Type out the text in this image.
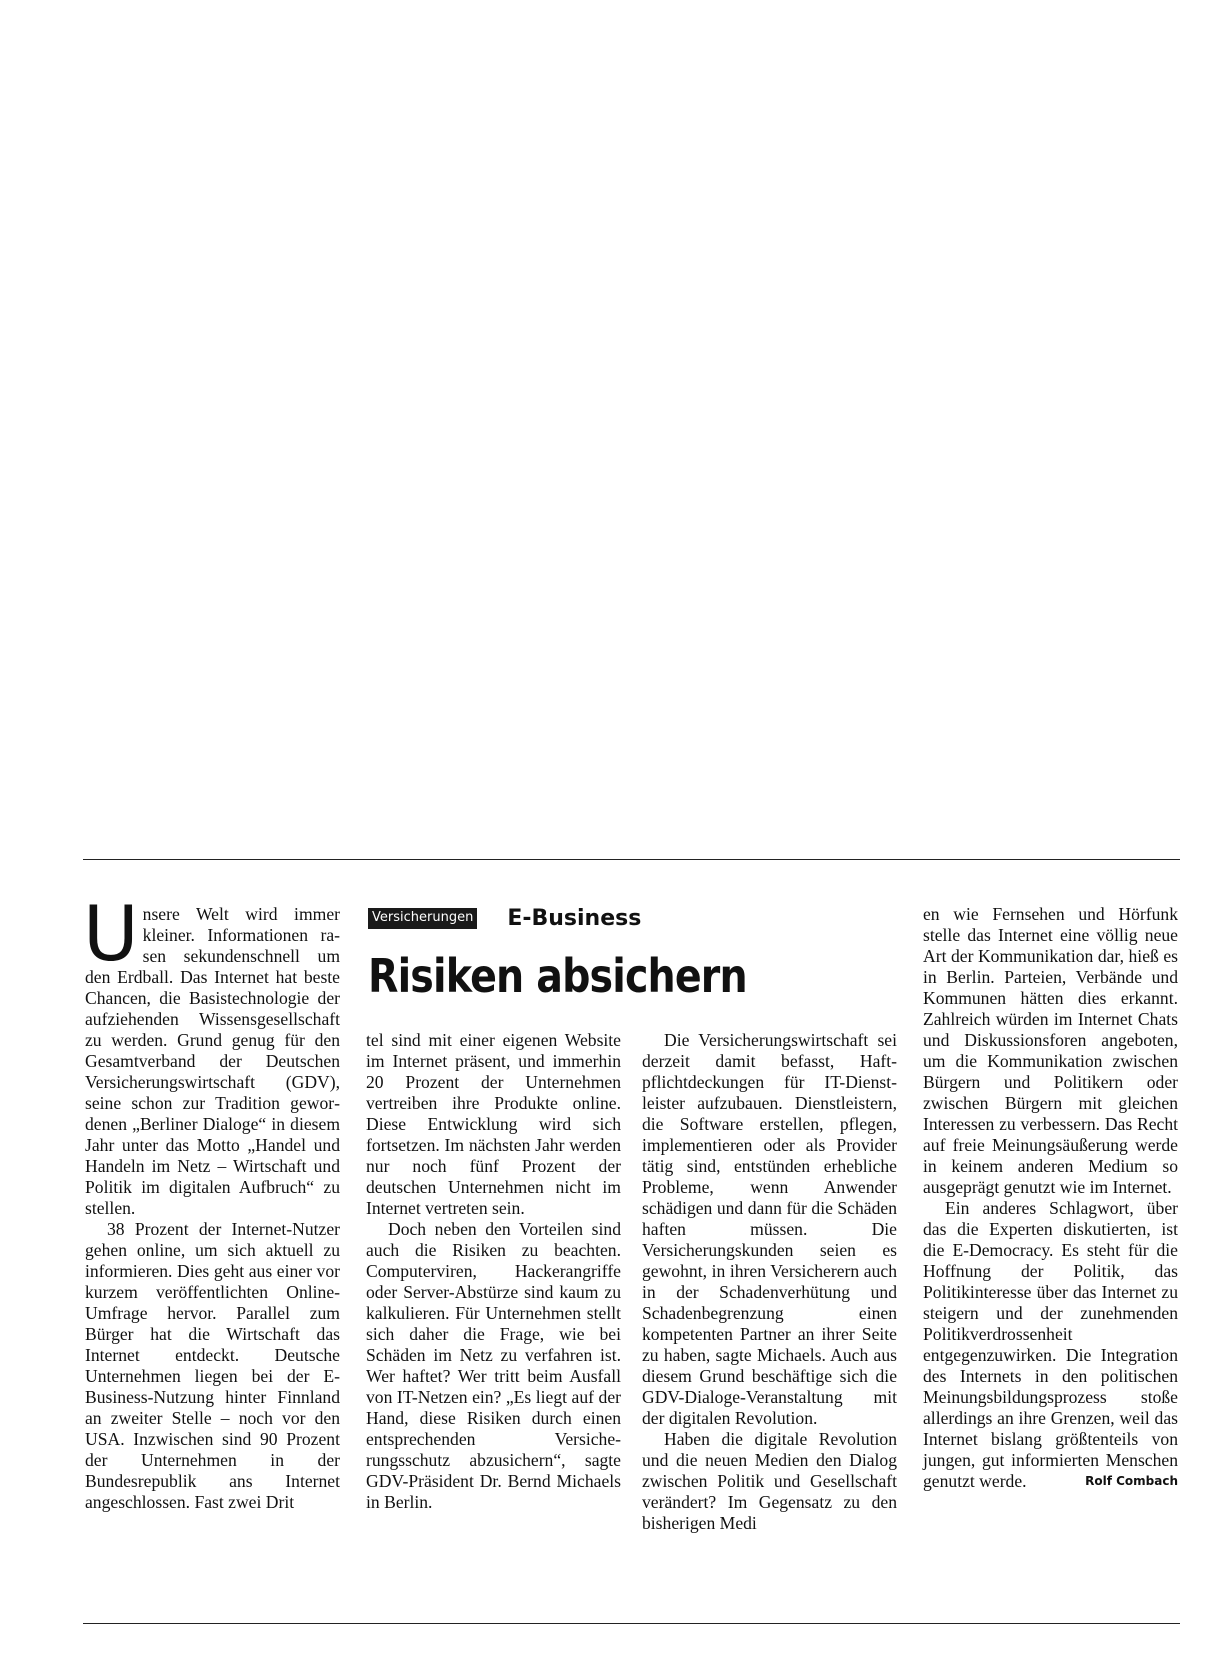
Unsere Welt wird immer kleiner. Informationen rasen sekundenschnell um den Erdball. Das Internet hat beste Chancen, die Basistechnologie der aufziehenden Wissensgesellschaft zu werden. Grund genug für den Gesamtverband der Deutschen Versicherungswirtschaft (GDV), seine schon zur Tradition gewordenen „Berliner Dialoge“ in diesem Jahr unter das Motto „Handel und Handeln im Netz – Wirtschaft und Politik im digitalen Aufbruch“ zu stellen.

38 Prozent der Internet-Nutzer gehen online, um sich aktuell zu informieren. Dies geht aus einer vor kurzem veröffentlichten Online-Umfrage hervor. Parallel zum Bürger hat die Wirtschaft das Internet entdeckt. Deutsche Unternehmen liegen bei der E-Business-Nutzung hinter Finnland an zweiter Stelle – noch vor den USA. Inzwischen sind 90 Prozent der Unternehmen in der Bundesrepublik ans Internet angeschlossen. Fast zwei Drit

Versicherungen E-Business
Risiken absichern

tel sind mit einer eigenen Website im Internet präsent, und immerhin 20 Prozent der Unternehmen vertreiben ihre Produkte online. Diese Entwicklung wird sich fortsetzen. Im nächsten Jahr werden nur noch fünf Prozent der deutschen Unternehmen nicht im Internet vertreten sein.

Doch neben den Vorteilen sind auch die Risiken zu beachten. Computerviren, Hackerangriffe oder Server-Abstürze sind kaum zu kalkulieren. Für Unternehmen stellt sich daher die Frage, wie bei Schäden im Netz zu verfahren ist. Wer haftet? Wer tritt beim Ausfall von IT-Netzen ein? „Es liegt auf der Hand, diese Risiken durch einen entsprechenden Versicherungsschutz abzusichern“, sagte GDV-Präsident Dr. Bernd Michaels in Berlin.

Die Versicherungswirtschaft sei derzeit damit befasst, Haftpflichtdeckungen für IT-Dienstleister aufzubauen. Dienstleistern, die Software erstellen, pflegen, implementieren oder als Provider tätig sind, entstünden erhebliche Probleme, wenn Anwender schädigen und dann für die Schäden haften müssen. Die Versicherungskunden seien es gewohnt, in ihren Versicherern auch in der Schadenverhütung und Schadenbegrenzung einen kompetenten Partner an ihrer Seite zu haben, sagte Michaels. Auch aus diesem Grund beschäftige sich die GDV-Dialoge-Veranstaltung mit der digitalen Revolution.

Haben die digitale Revolution und die neuen Medien den Dialog zwischen Politik und Gesellschaft verändert? Im Gegensatz zu den bisherigen Medi

en wie Fernsehen und Hörfunk stelle das Internet eine völlig neue Art der Kommunikation dar, hieß es in Berlin. Parteien, Verbände und Kommunen hätten dies erkannt. Zahlreich würden im Internet Chats und Diskussionsforen angeboten, um die Kommunikation zwischen Bürgern und Politikern oder zwischen Bürgern mit gleichen Interessen zu verbessern. Das Recht auf freie Meinungsäußerung werde in keinem anderen Medium so ausgeprägt genutzt wie im Internet.

Ein anderes Schlagwort, über das die Experten diskutierten, ist die E-Democracy. Es steht für die Hoffnung der Politik, das Politikinteresse über das Internet zu steigern und der zunehmenden Politikverdrossenheit entgegenzuwirken. Die Integration des Internets in den politischen Meinungsbildungsprozess stoße allerdings an ihre Grenzen, weil das Internet bislang größtenteils von jungen, gut informierten Menschen genutzt werde.	Rolf Combach
